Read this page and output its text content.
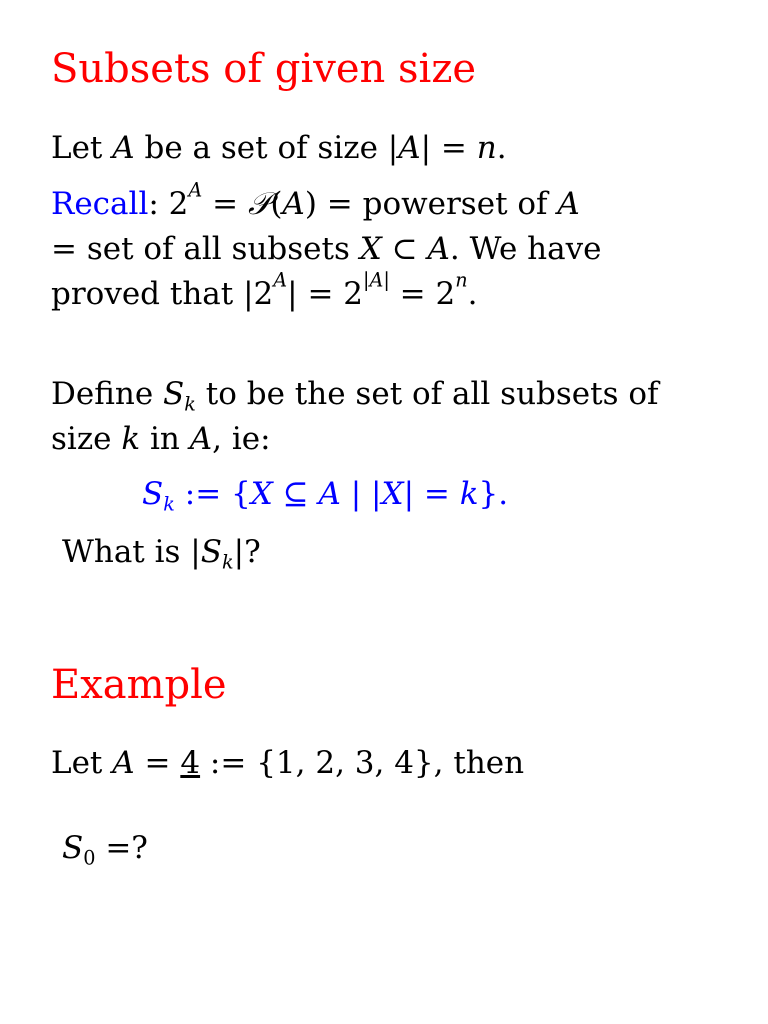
Subsets of given size

Let A be a set of size |A| = n.

Recall: $2^A$ = 𝒫(A) = powerset of A
= set of all subsets X ⊂ A. We have
proved that $|2^A| = 2^{|A|} = 2^n$.
Define $S_k$ to be the set of all subsets of
size k in A, ie:

$S_k$ := {X ⊆ A | |X| = k}.

What is $|S_k|$?

Example

Let A = 4 := {1, 2, 3, 4}, then

$S_0$ =?
